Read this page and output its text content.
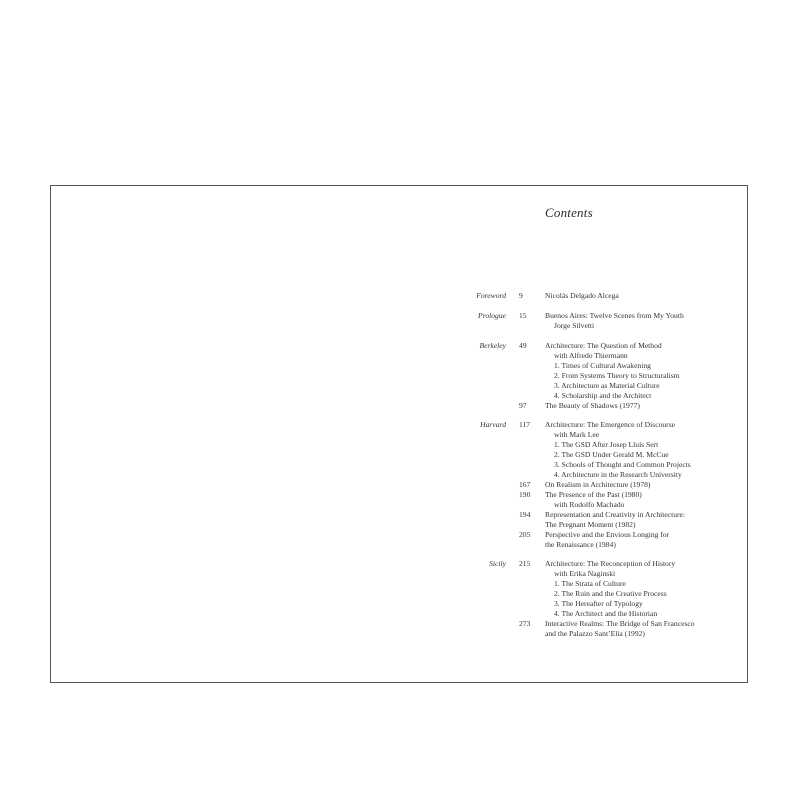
Contents
Foreword 9	Nicolás Delgado Alcega
Prologue 15 Buenos Aires: Twelve Scenes from My Youth
Jorge Silvetti
Berkeley 49 Architecture: The Question of Method
with Alfredo Thiermann
1. Times of Cultural Awakening
2. From Systems Theory to Structuralism
3. Architecture as Material Culture
4. Scholarship and the Architect
97 The Beauty of Shadows (1977)
Harvard 117 Architecture: The Emergence of Discourse
with Mark Lee
1. The GSD After Josep Lluís Sert
2. The GSD Under Gerald M. McCue
3. Schools of Thought and Common Projects
4. Architecture in the Research University
167 On Realism in Architecture (1978)
190 The Presence of the Past (1980)
with Rodolfo Machado
194 Representation and Creativity in Architecture:
The Pregnant Moment (1982)
205 Perspective and the Envious Longing for
the Renaissance (1984)
Sicily 215 Architecture: The Reconception of History
with Erika Naginski
1. The Strata of Culture
2. The Ruin and the Creative Process
3. The Hereafter of Typology
4. The Architect and the Historian
273 Interactive Realms: The Bridge of San Francesco
and the Palazzo Sant’Elia (1992)
